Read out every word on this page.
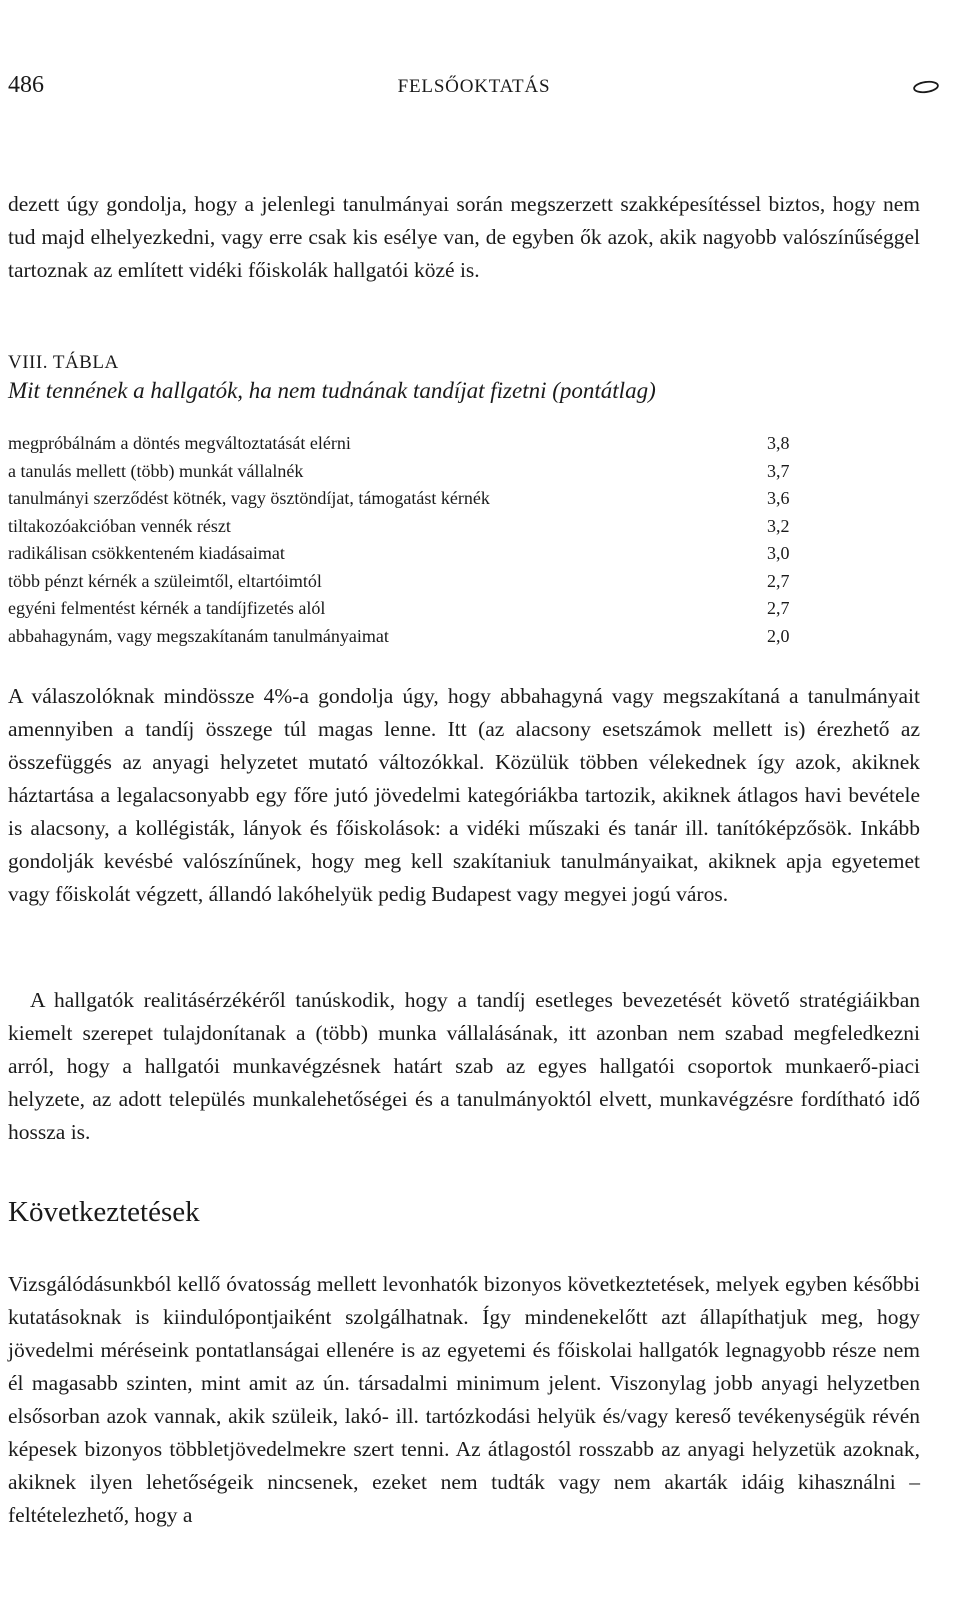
486	FELSŐOKTATÁS

dezett úgy gondolja, hogy a jelenlegi tanulmányai során megszerzett szakképesítéssel biztos, hogy nem tud majd elhelyezkedni, vagy erre csak kis esélye van, de egyben ők azok, akik nagyobb valószínűséggel tartoznak az említett vidéki főiskolák hallgatói közé is.

VIII. TÁBLA
Mit tennének a hallgatók, ha nem tudnának tandíjat fizetni (pontátlag)
megpróbálnám a döntés megváltoztatását elérni	3,8
a tanulás mellett (több) munkát vállalnék	3,7
tanulmányi szerződést kötnék, vagy ösztöndíjat, támogatást kérnék	3,6
tiltakozóakcióban vennék részt	3,2
radikálisan csökkenteném kiadásaimat	3,0
több pénzt kérnék a szüleimtől, eltartóimtól	2,7
egyéni felmentést kérnék a tandíjfizetés alól	2,7
abbahagynám, vagy megszakítanám tanulmányaimat	2,0

A válaszolóknak mindössze 4%-a gondolja úgy, hogy abbahagyná vagy megszakítaná a tanulmányait amennyiben a tandíj összege túl magas lenne. Itt (az alacsony esetszámok mellett is) érezhető az összefüggés az anyagi helyzetet mutató változókkal. Közülük többen vélekednek így azok, akiknek háztartása a legalacsonyabb egy főre jutó jövedelmi kategóriákba tartozik, akiknek átlagos havi bevétele is alacsony, a kollégisták, lányok és főiskolások: a vidéki műszaki és tanár ill. tanítóképzősök. Inkább gondolják kevésbé valószínűnek, hogy meg kell szakítaniuk tanulmányaikat, akiknek apja egyetemet vagy főiskolát végzett, állandó lakóhelyük pedig Budapest vagy megyei jogú város.

A hallgatók realitásérzékéről tanúskodik, hogy a tandíj esetleges bevezetését követő stratégiáikban kiemelt szerepet tulajdonítanak a (több) munka vállalásának, itt azonban nem szabad megfeledkezni arról, hogy a hallgatói munkavégzésnek határt szab az egyes hallgatói csoportok munkaerő-piaci helyzete, az adott település munkalehetőségei és a tanulmányoktól elvett, munkavégzésre fordítható idő hossza is.

Következtetések

Vizsgálódásunkból kellő óvatosság mellett levonhatók bizonyos következtetések, melyek egyben későbbi kutatásoknak is kiindulópontjaiként szolgálhatnak. Így mindenekelőtt azt állapíthatjuk meg, hogy jövedelmi méréseink pontatlanságai ellenére is az egyetemi és főiskolai hallgatók legnagyobb része nem él magasabb szinten, mint amit az ún. társadalmi minimum jelent. Viszonylag jobb anyagi helyzetben elsősorban azok vannak, akik szüleik, lakó- ill. tartózkodási helyük és/vagy kereső tevékenységük révén képesek bizonyos többletjövedelmekre szert tenni. Az átlagostól rosszabb az anyagi helyzetük azoknak, akiknek ilyen lehetőségeik nincsenek, ezeket nem tudták vagy nem akarták idáig kihasználni – feltételezhető, hogy a
